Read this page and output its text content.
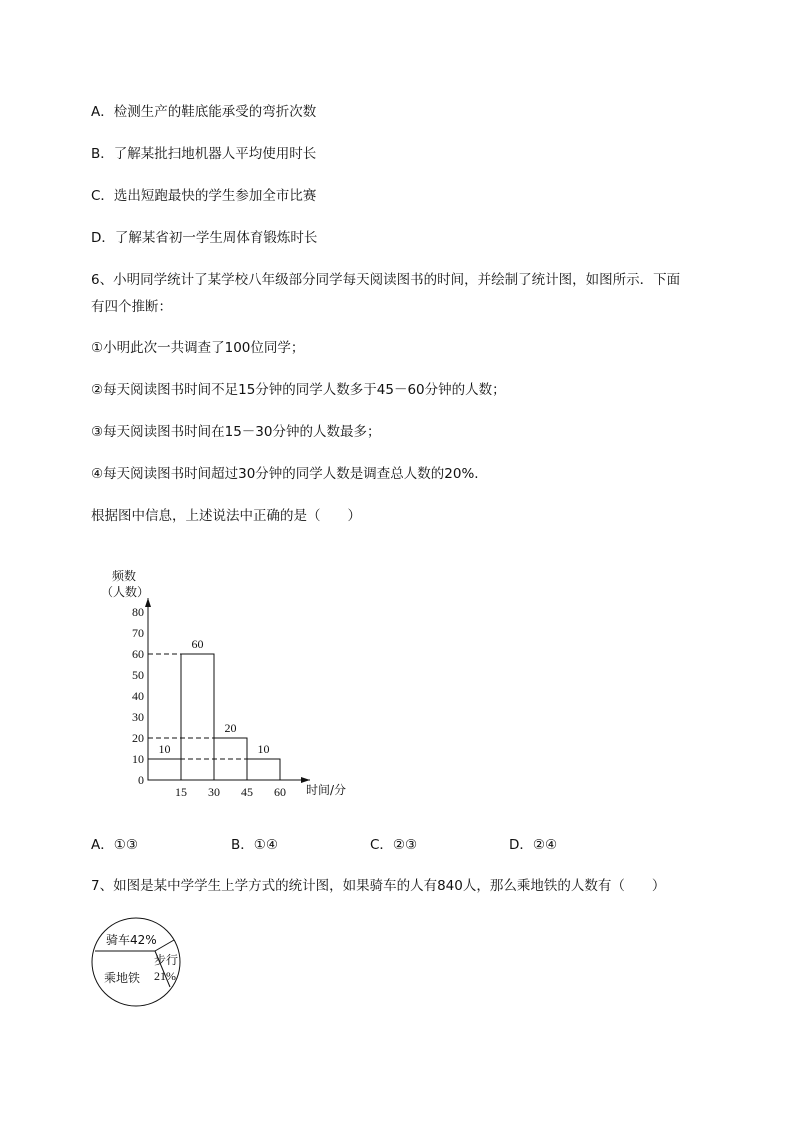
A．检测生产的鞋底能承受的弯折次数
B．了解某批扫地机器人平均使用时长
C．选出短跑最快的学生参加全市比赛
D．了解某省初一学生周体育锻炼时长
6、小明同学统计了某学校八年级部分同学每天阅读图书的时间，并绘制了统计图，如图所示．下面
有四个推断：
①小明此次一共调查了100位同学；
②每天阅读图书时间不足15分钟的同学人数多于45－60分钟的人数；
③每天阅读图书时间在15－30分钟的人数最多；
④每天阅读图书时间超过30分钟的同学人数是调查总人数的20%.
根据图中信息，上述说法中正确的是（　　）
频数
（人数）
时间/分
0
10
20
30
40
50
60
70
80
15 30 45 60
10
60
20
10
A．①③	B．①④	C．②③	D．②④
7、如图是某中学学生上学方式的统计图，如果骑车的人有840人，那么乘地铁的人数有（　　）
骑车42%
步行
21%
乘地铁
